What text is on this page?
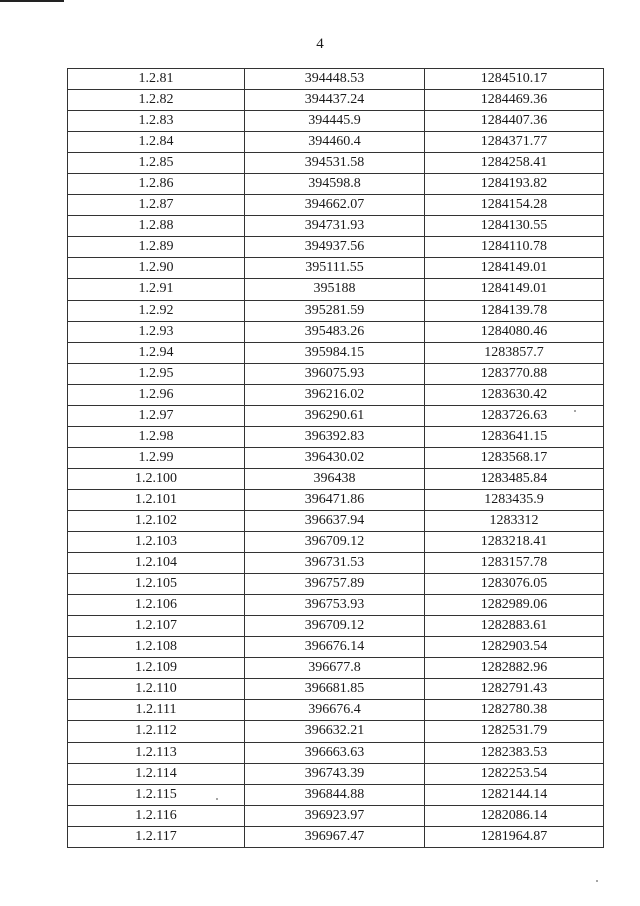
4
1.2.81	394448.53	1284510.17
1.2.82	394437.24	1284469.36
1.2.83	394445.9	1284407.36
1.2.84	394460.4	1284371.77
1.2.85	394531.58	1284258.41
1.2.86	394598.8	1284193.82
1.2.87	394662.07	1284154.28
1.2.88	394731.93	1284130.55
1.2.89	394937.56	1284110.78
1.2.90	395111.55	1284149.01
1.2.91	395188	1284149.01
1.2.92	395281.59	1284139.78
1.2.93	395483.26	1284080.46
1.2.94	395984.15	1283857.7
1.2.95	396075.93	1283770.88
1.2.96	396216.02	1283630.42
1.2.97	396290.61	1283726.63
1.2.98	396392.83	1283641.15
1.2.99	396430.02	1283568.17
1.2.100	396438	1283485.84
1.2.101	396471.86	1283435.9
1.2.102	396637.94	1283312
1.2.103	396709.12	1283218.41
1.2.104	396731.53	1283157.78
1.2.105	396757.89	1283076.05
1.2.106	396753.93	1282989.06
1.2.107	396709.12	1282883.61
1.2.108	396676.14	1282903.54
1.2.109	396677.8	1282882.96
1.2.110	396681.85	1282791.43
1.2.111	396676.4	1282780.38
1.2.112	396632.21	1282531.79
1.2.113	396663.63	1282383.53
1.2.114	396743.39	1282253.54
1.2.115	396844.88	1282144.14
1.2.116	396923.97	1282086.14
1.2.117	396967.47	1281964.87
